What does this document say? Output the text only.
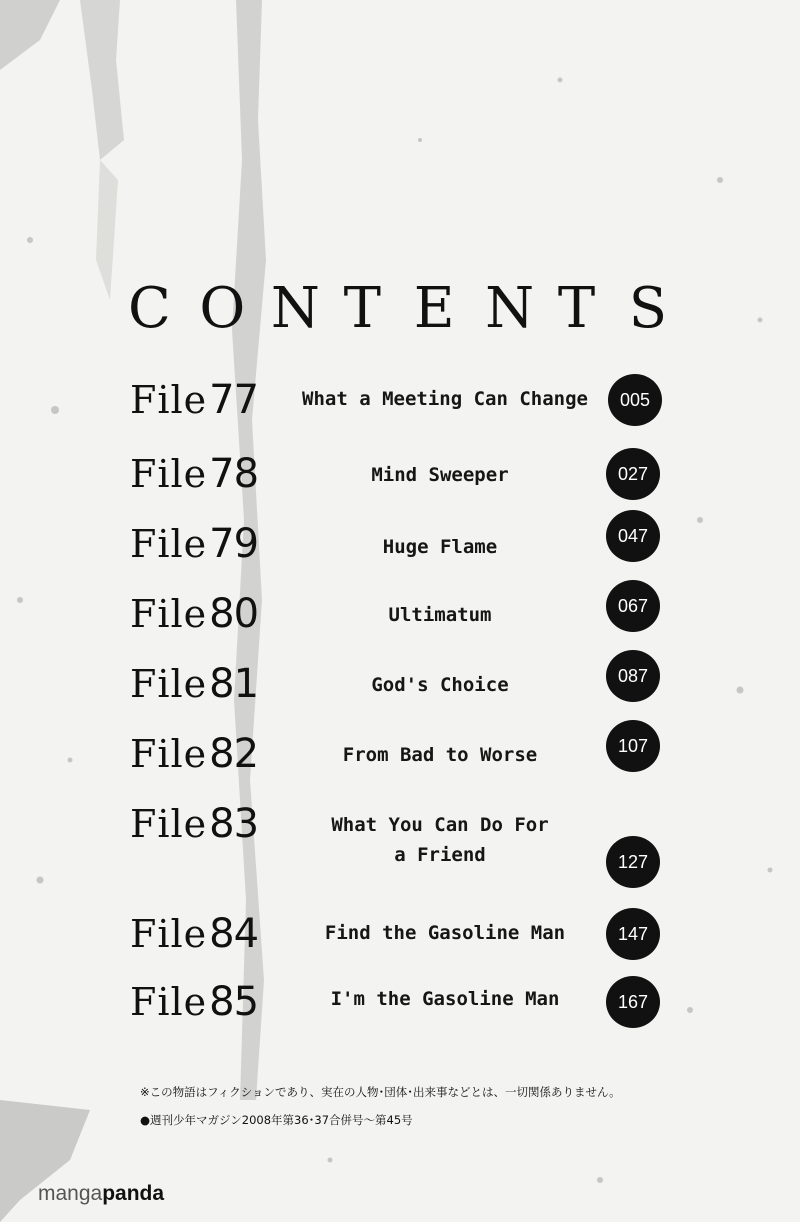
C O N T E N T S
File77	What a Meeting Can Change	005
File78	Mind Sweeper	027
File79	Huge Flame	047
File80	Ultimatum	067
File81	God's Choice	087
File82	From Bad to Worse	107
File83	What You Can Do For
a Friend	127
File84	Find the Gasoline Man	147
File85	I'm the Gasoline Man	167
※この物語はフィクションであり、実在の人物･団体･出来事などとは、一切関係ありません。
●週刊少年マガジン2008年第36･37合併号〜第45号
mangapanda
